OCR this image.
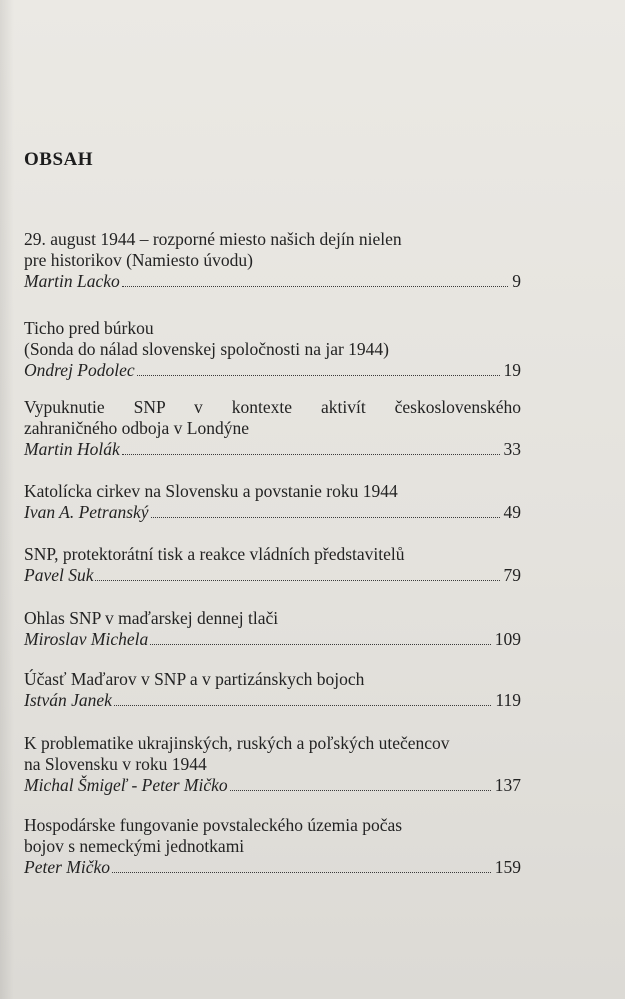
OBSAH
29. august 1944 – rozporné miesto našich dejín nielen
pre historikov (Namiesto úvodu)
Martin Lacko	9
Ticho pred búrkou
(Sonda do nálad slovenskej spoločnosti na jar 1944)
Ondrej Podolec	19
Vypuknutie SNP v kontexte aktivít československého
zahraničného odboja v Londýne
Martin Holák	33
Katolícka cirkev na Slovensku a povstanie roku 1944
Ivan A. Petranský	49
SNP, protektorátní tisk a reakce vládních představitelů
Pavel Suk	79
Ohlas SNP v maďarskej dennej tlači
Miroslav Michela	109
Účasť Maďarov v SNP a v partizánskych bojoch
István Janek	119
K problematike ukrajinských, ruských a poľských utečencov
na Slovensku v roku 1944
Michal Šmigeľ - Peter Mičko	137
Hospodárske fungovanie povstaleckého územia počas
bojov s nemeckými jednotkami
Peter Mičko	159
